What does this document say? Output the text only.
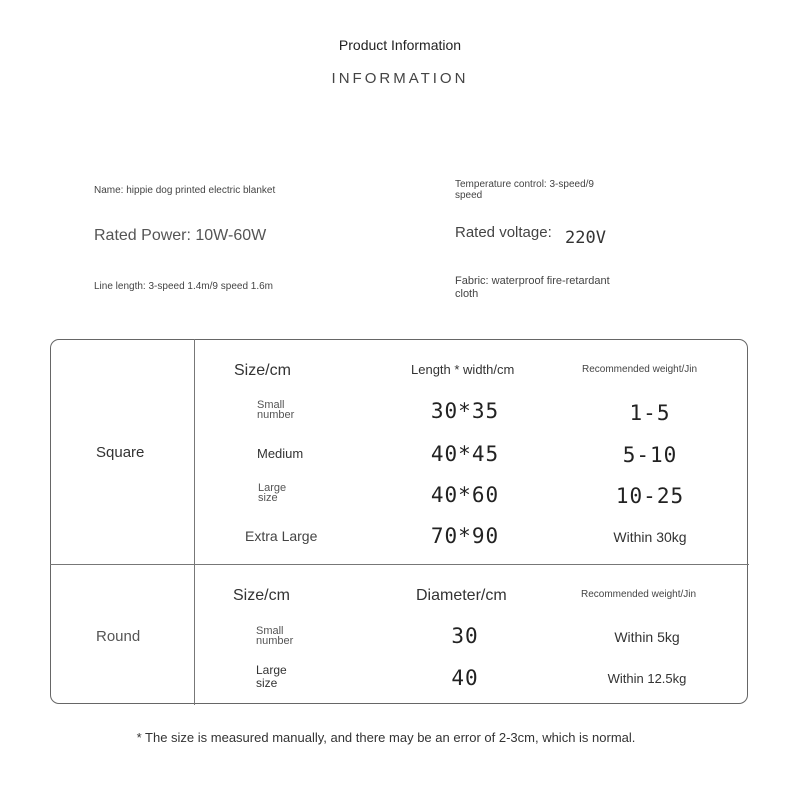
Product Information
INFORMATION
Name: hippie dog printed electric blanket
Temperature control: 3-speed/9 speed
Rated Power: 10W-60W	Rated voltage: 220V
Line length: 3-speed 1.4m/9 speed 1.6m	Fabric: waterproof fire-retardant cloth
Square
Size/cm	Length * width/cm	Recommended weight/Jin
Small number	30*35	1-5
Medium	40*45	5-10
Large size	40*60	10-25
Extra Large	70*90	Within 30kg
Round
Size/cm	Diameter/cm	Recommended weight/Jin
Small number	30	Within 5kg
Large size	40	Within 12.5kg
* The size is measured manually, and there may be an error of 2-3cm, which is normal.
